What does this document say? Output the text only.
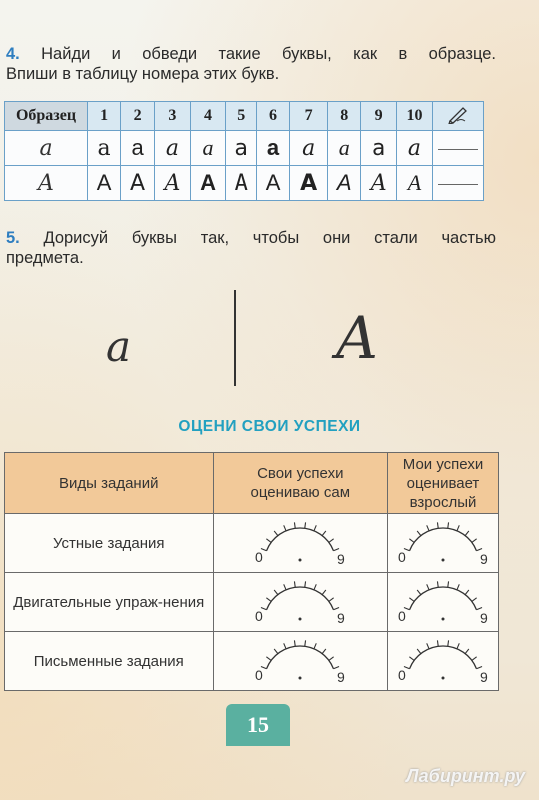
4. Найди и обведи такие буквы, как в образце.
Впиши в таблицу номера этих букв.
Образец	1	2	3	4	5	6	7	8	9	10	
a	a	a	a	a	a	a	a	a	a	a	
A	A	A	A	A	A	A	A	A	A	A	
5. Дорисуй буквы так, чтобы они стали частью
предмета.
a	A
ОЦЕНИ СВОИ УСПЕХИ
Виды заданий	Свои успехи оцениваю сам	Мои успехи оценивает взрослый
Устные задания	0 9	0 9

Двигательные упраж-нения	0 9	0 9

Письменные задания	0 9	0 9
15
Лабиринт.ру
